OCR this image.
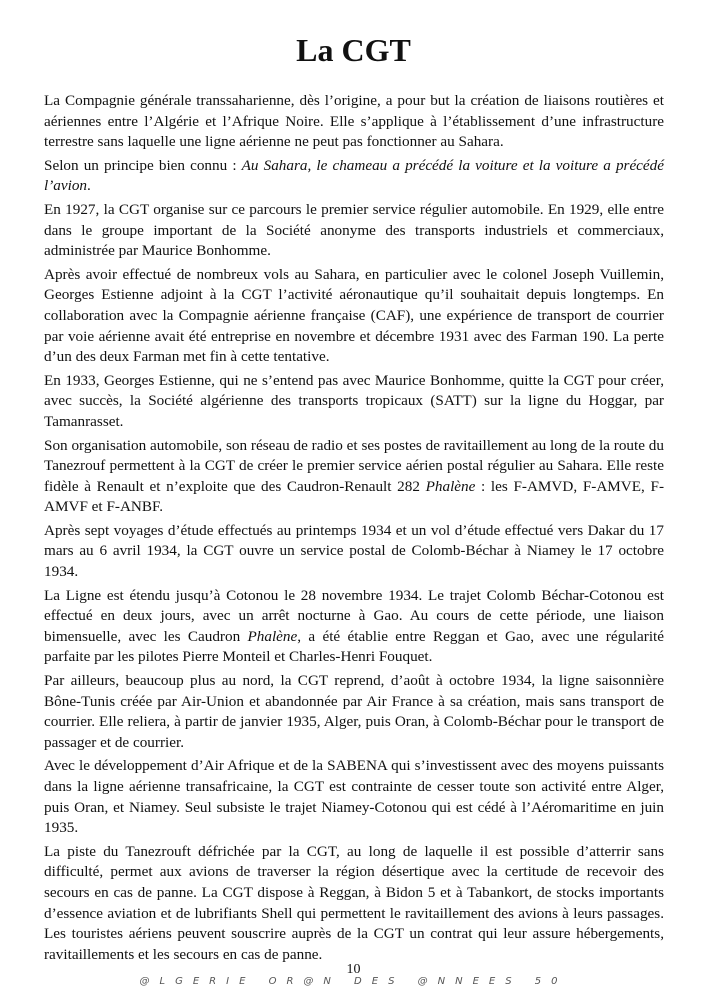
La CGT

La Compagnie générale transsaharienne, dès l’origine, a pour but la création de liaisons routières et aériennes entre l’Algérie et l’Afrique Noire. Elle s’applique à l’établissement d’une infrastructure terrestre sans laquelle une ligne aérienne ne peut pas fonctionner au Sahara.

Selon un principe bien connu : Au Sahara, le chameau a précédé la voiture et la voiture a précédé l’avion.

En 1927, la CGT organise sur ce parcours le premier service régulier automobile. En 1929, elle entre dans le groupe important de la Société anonyme des transports industriels et commerciaux, administrée par Maurice Bonhomme.

Après avoir effectué de nombreux vols au Sahara, en particulier avec le colonel Joseph Vuillemin, Georges Estienne adjoint à la CGT l’activité aéronautique qu’il souhaitait depuis longtemps. En collaboration avec la Compagnie aérienne française (CAF), une expérience de transport de courrier par voie aérienne avait été entreprise en novembre et décembre 1931 avec des Farman 190. La perte d’un des deux Farman met fin à cette tentative.

En 1933, Georges Estienne, qui ne s’entend pas avec Maurice Bonhomme, quitte la CGT pour créer, avec succès, la Société algérienne des transports tropicaux (SATT) sur la ligne du Hoggar, par Tamanrasset.

Son organisation automobile, son réseau de radio et ses postes de ravitaillement au long de la route du Tanezrouf permettent à la CGT de créer le premier service aérien postal régulier au Sahara. Elle reste fidèle à Renault et n’exploite que des Caudron-Renault 282 Phalène : les F-AMVD, F-AMVE, F-AMVF et F-ANBF.

Après sept voyages d’étude effectués au printemps 1934 et un vol d’étude effectué vers Dakar du 17 mars au 6 avril 1934, la CGT ouvre un service postal de Colomb-Béchar à Niamey le 17 octobre 1934.

La Ligne est étendu jusqu’à Cotonou le 28 novembre 1934. Le trajet Colomb Béchar-Cotonou est effectué en deux jours, avec un arrêt nocturne à Gao. Au cours de cette période, une liaison bimensuelle, avec les Caudron Phalène, a été établie entre Reggan et Gao, avec une régularité parfaite par les pilotes Pierre Monteil et Charles-Henri Fouquet.

Par ailleurs, beaucoup plus au nord, la CGT reprend, d’août à octobre 1934, la ligne saisonnière Bône-Tunis créée par Air-Union et abandonnée par Air France à sa création, mais sans transport de courrier. Elle reliera, à partir de janvier 1935, Alger, puis Oran, à Colomb-Béchar pour le transport de passager et de courrier.

Avec le développement d’Air Afrique et de la SABENA qui s’investissent avec des moyens puissants dans la ligne aérienne transafricaine, la CGT est contrainte de cesser toute son activité entre Alger, puis Oran, et Niamey. Seul subsiste le trajet Niamey-Cotonou qui est cédé à l’Aéromaritime en juin 1935.

La piste du Tanezrouft défrichée par la CGT, au long de laquelle il est possible d’atterrir sans difficulté, permet aux avions de traverser la région désertique avec la certitude de recevoir des secours en cas de panne. La CGT dispose à Reggan, à Bidon 5 et à Tabankort, de stocks importants d’essence aviation et de lubrifiants Shell qui permettent le ravitaillement des avions à leurs passages. Les touristes aériens peuvent souscrire auprès de la CGT un contrat qui leur assure hébergements, ravitaillements et les secours en cas de panne.

10
@LGERIE OR@N DES @NNEES 50
